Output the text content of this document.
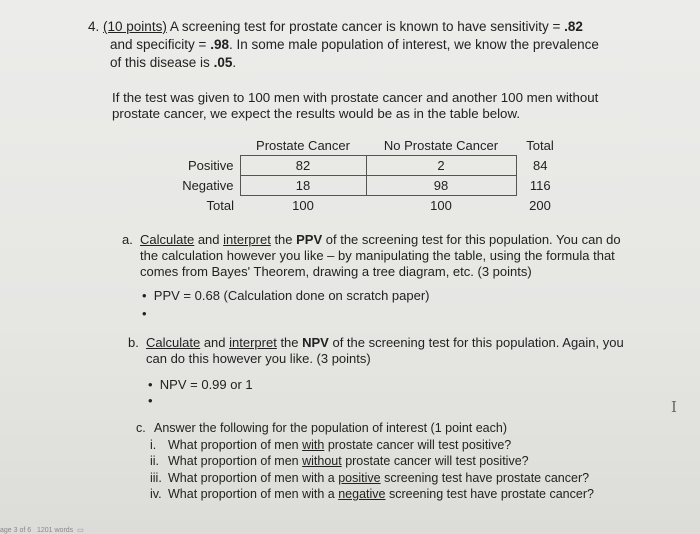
4. (10 points) A screening test for prostate cancer is known to have sensitivity = .82
and specificity = .98. In some male population of interest, we know the prevalence
of this disease is .05.
If the test was given to 100 men with prostate cancer and another 100 men without
prostate cancer, we expect the results would be as in the table below.
	Prostate Cancer	No Prostate Cancer	Total
Positive	82	2	84
Negative	18	98	116
Total	100	100	200
a. Calculate and interpret the PPV of the screening test for this population. You can do
the calculation however you like – by manipulating the table, using the formula that
comes from Bayes' Theorem, drawing a tree diagram, etc. (3 points)
• PPV = 0.68 (Calculation done on scratch paper)
•
b. Calculate and interpret the NPV of the screening test for this population. Again, you
can do this however you like. (3 points)
• NPV = 0.99 or 1
•
c. Answer the following for the population of interest (1 point each)
i. What proportion of men with prostate cancer will test positive?
ii. What proportion of men without prostate cancer will test positive?
iii. What proportion of men with a positive screening test have prostate cancer?
iv. What proportion of men with a negative screening test have prostate cancer?
I
age 3 of 6 1201 words ▭
